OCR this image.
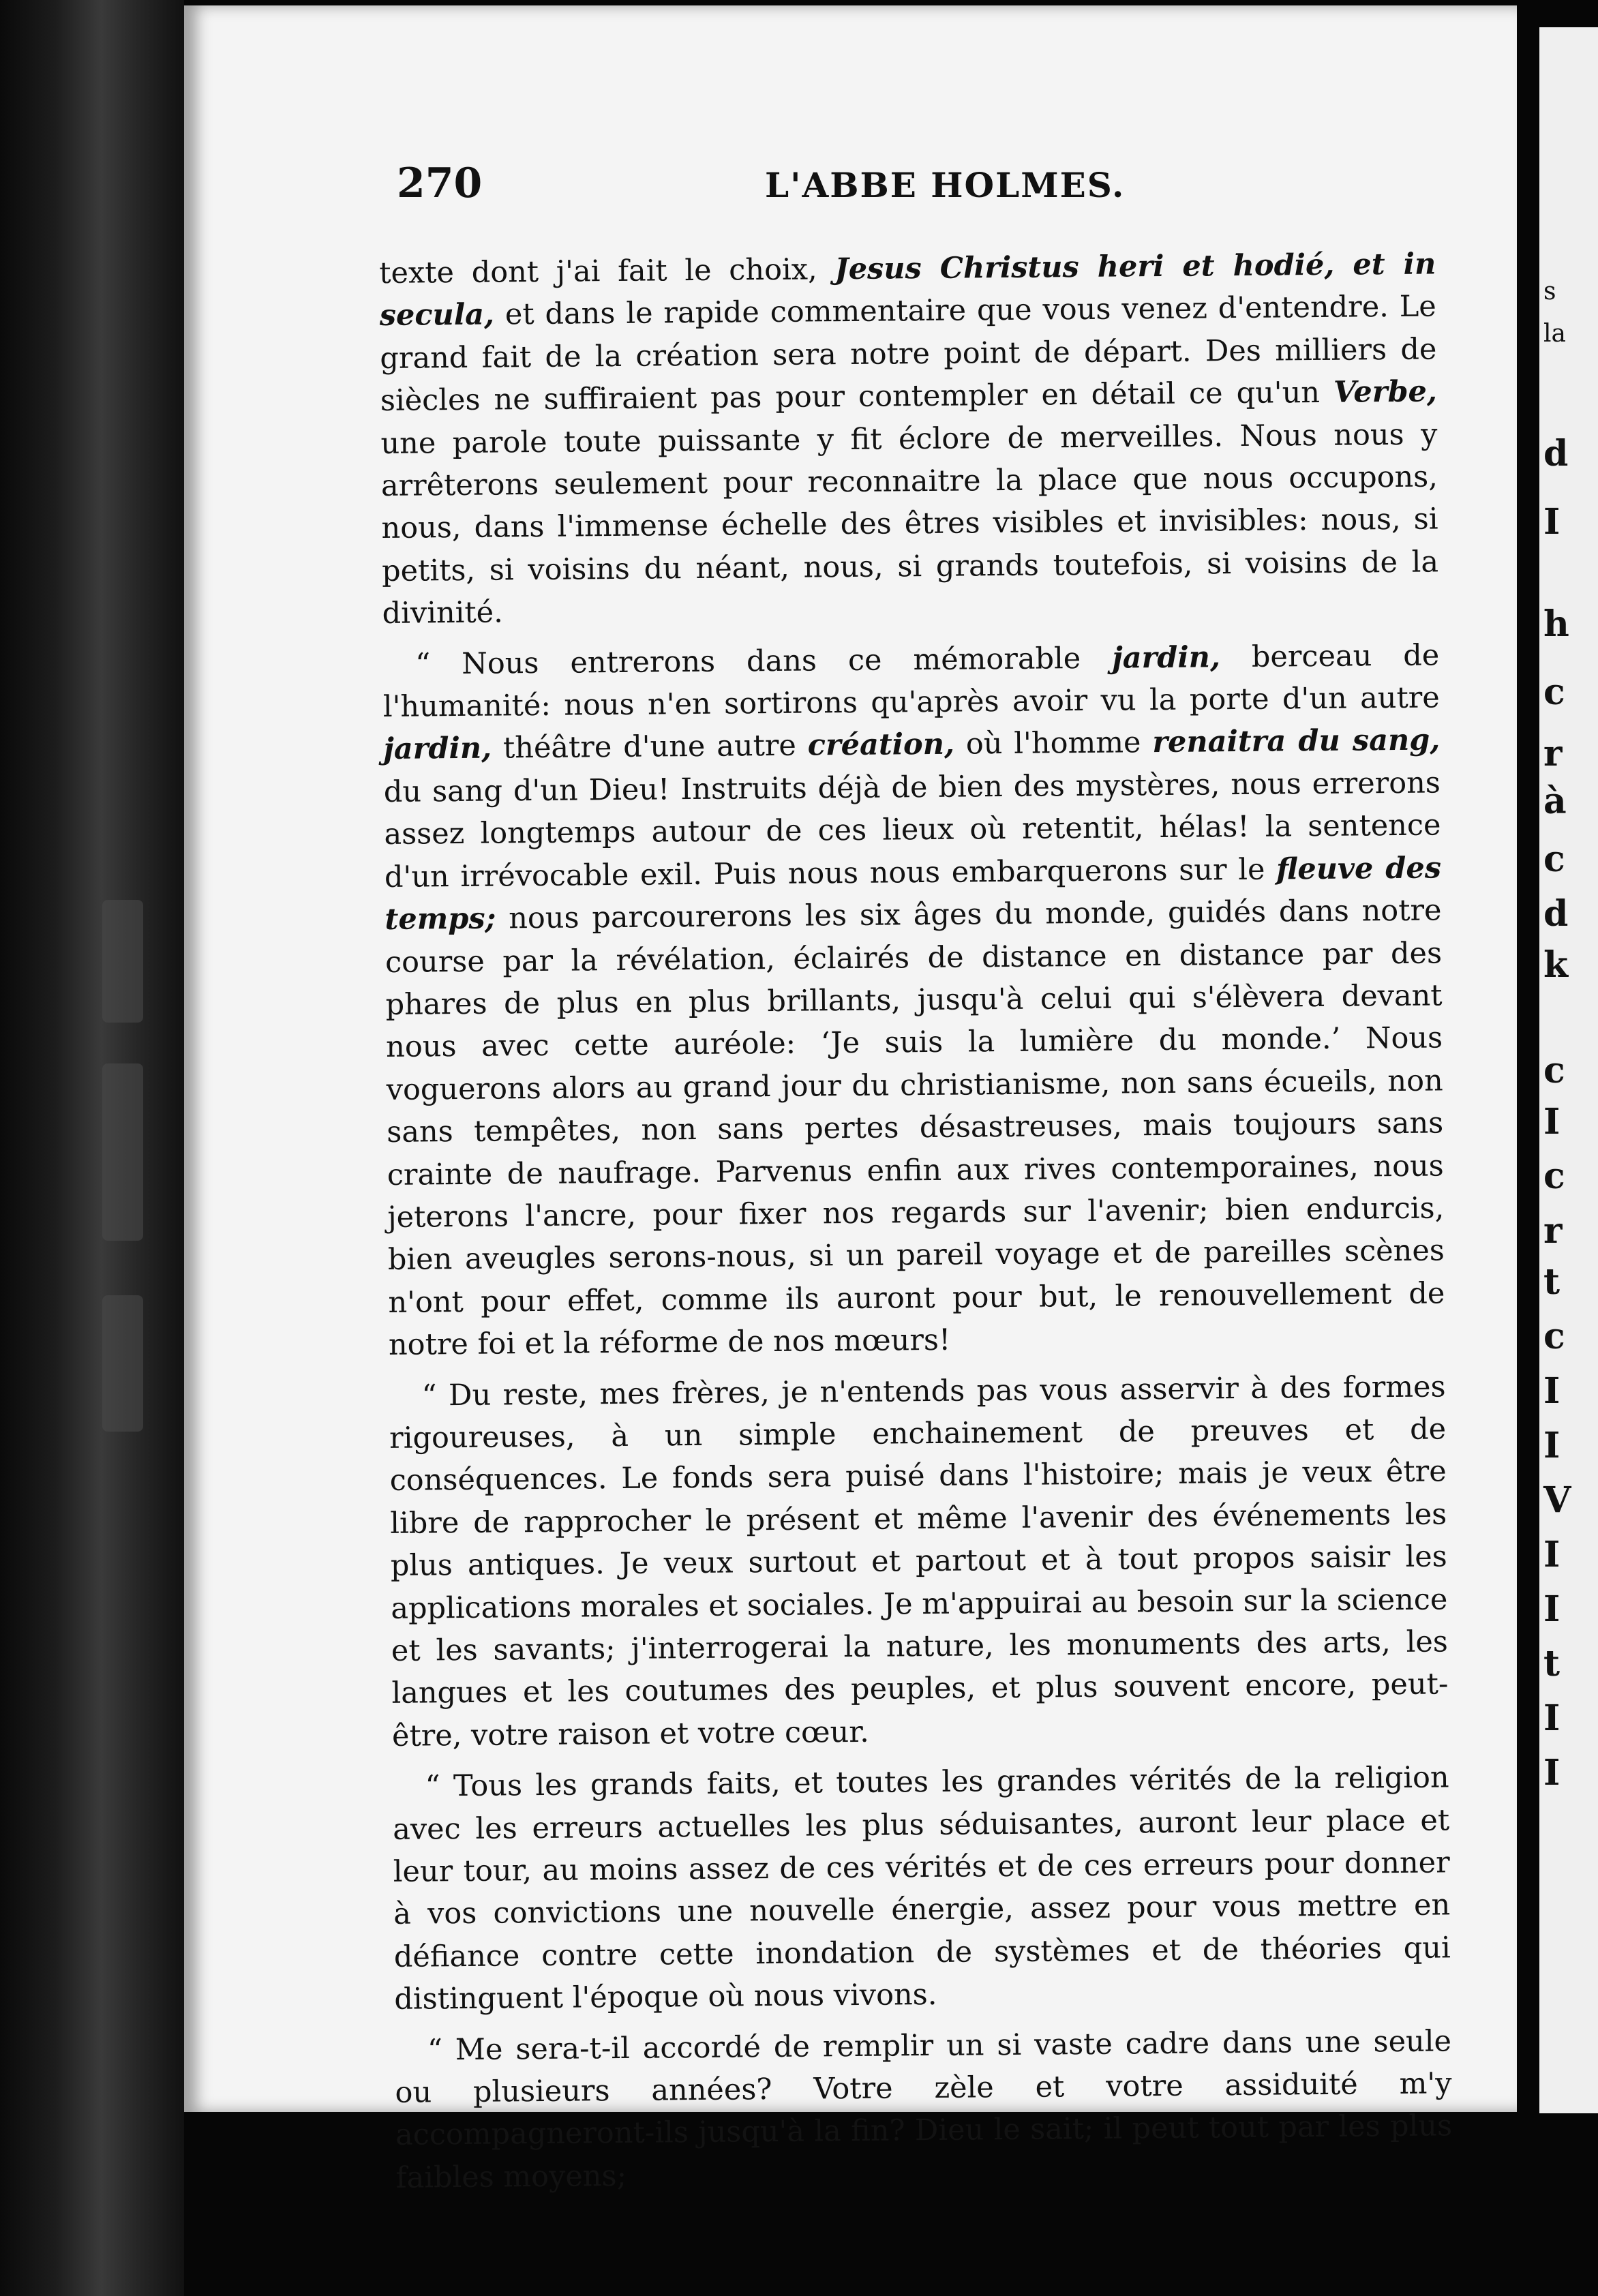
s
la
d
I
h
c
r
à
c
d
k
c
I
c
r
t
c
I
I
V
I
I
t
I
I
270	L'ABBE HOLMES.

texte dont j'ai fait le choix, Jesus Christus heri et hodié, et in secula, et dans le rapide commentaire que vous venez d'entendre. Le grand fait de la création sera notre point de départ. Des milliers de siècles ne suffiraient pas pour contempler en détail ce qu'un Verbe, une parole toute puissante y fit éclore de merveilles. Nous nous y arrêterons seulement pour reconnaitre la place que nous occupons, nous, dans l'immense échelle des êtres visibles et invisibles: nous, si petits, si voisins du néant, nous, si grands toutefois, si voisins de la divinité.

“ Nous entrerons dans ce mémorable jardin, berceau de l'humanité: nous n'en sortirons qu'après avoir vu la porte d'un autre jardin, théâtre d'une autre création, où l'homme renaitra du sang, du sang d'un Dieu! Instruits déjà de bien des mystères, nous errerons assez longtemps autour de ces lieux où retentit, hélas! la sentence d'un irrévocable exil. Puis nous nous embarquerons sur le fleuve des temps; nous parcourerons les six âges du monde, guidés dans notre course par la révélation, éclairés de distance en distance par des phares de plus en plus brillants, jusqu'à celui qui s'élèvera devant nous avec cette auréole: ‘Je suis la lumière du monde.’ Nous voguerons alors au grand jour du christianisme, non sans écueils, non sans tempêtes, non sans pertes désastreuses, mais toujours sans crainte de naufrage. Parvenus enfin aux rives contemporaines, nous jeterons l'ancre, pour fixer nos regards sur l'avenir; bien endurcis, bien aveugles serons-nous, si un pareil voyage et de pareilles scènes n'ont pour effet, comme ils auront pour but, le renouvellement de notre foi et la réforme de nos mœurs!

“ Du reste, mes frères, je n'entends pas vous asservir à des formes rigoureuses, à un simple enchainement de preuves et de conséquences. Le fonds sera puisé dans l'histoire; mais je veux être libre de rapprocher le présent et même l'avenir des événements les plus antiques. Je veux surtout et partout et à tout propos saisir les applications morales et sociales. Je m'appuirai au besoin sur la science et les savants; j'interrogerai la nature, les monuments des arts, les langues et les coutumes des peuples, et plus souvent encore, peut-être, votre raison et votre cœur.

“ Tous les grands faits, et toutes les grandes vérités de la religion avec les erreurs actuelles les plus séduisantes, auront leur place et leur tour, au moins assez de ces vérités et de ces erreurs pour donner à vos convictions une nouvelle énergie, assez pour vous mettre en défiance contre cette inondation de systèmes et de théories qui distinguent l'époque où nous vivons.

“ Me sera-t-il accordé de remplir un si vaste cadre dans une seule ou plusieurs années? Votre zèle et votre assiduité m'y accompagneront-ils jusqu'à la fin? Dieu le sait; il peut tout par les plus faibles moyens;
